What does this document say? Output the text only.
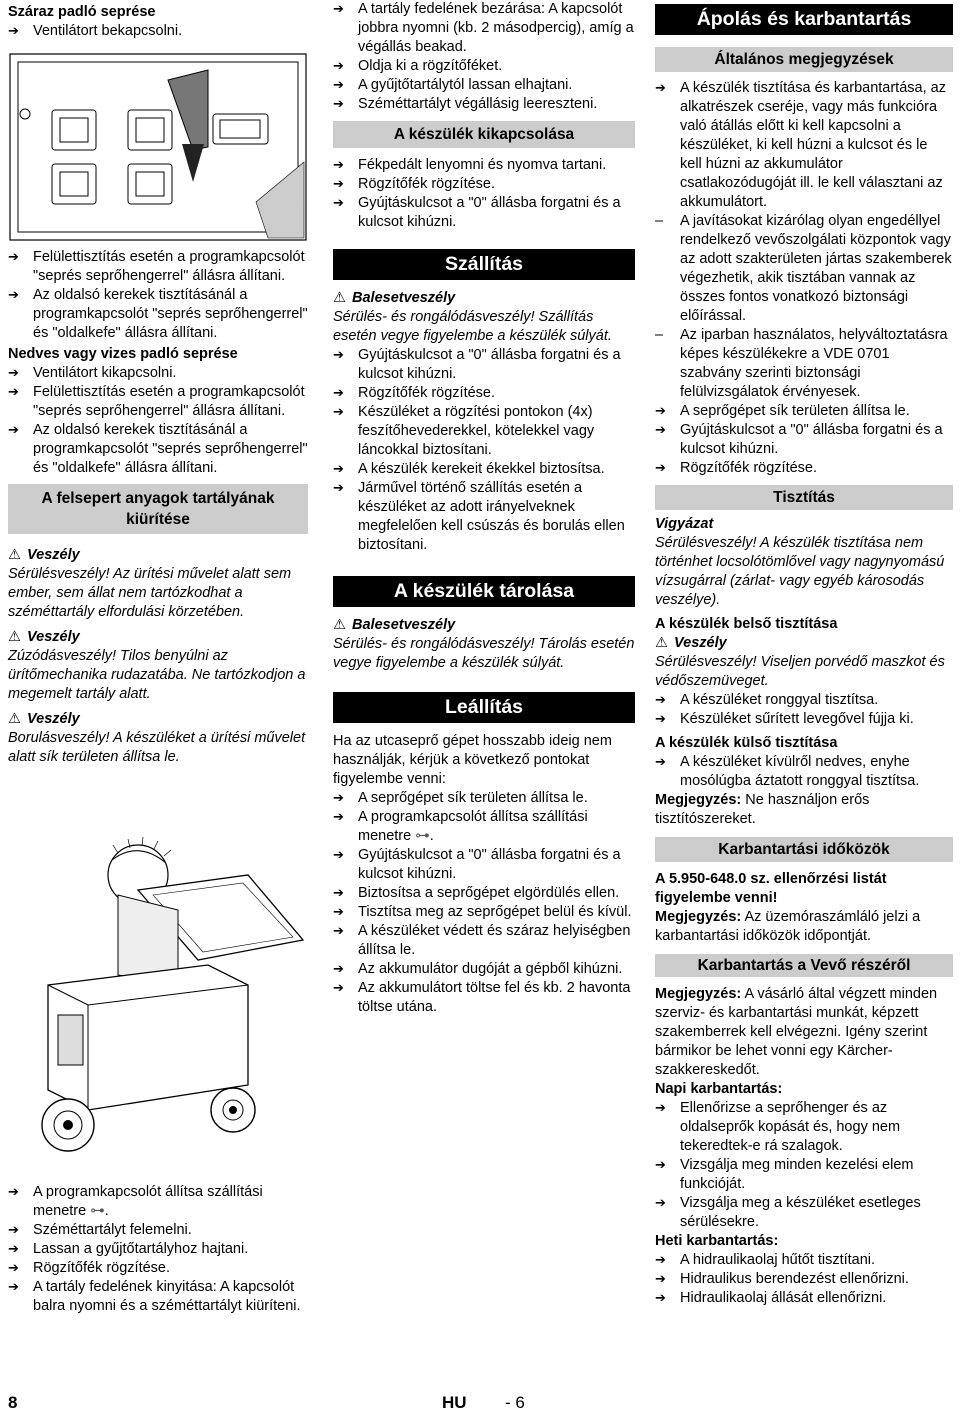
Száraz padló seprése

➔ Ventilátort bekapcsolni.
➔ Felülettisztítás esetén a programkapcsolót "seprés seprőhengerrel" állásra állítani.
➔ Az oldalsó kerekek tisztításánál a programkapcsolót "seprés seprőhengerrel" és "oldalkefe" állásra állítani.

Nedves vagy vizes padló seprése

➔ Ventilátort kikapcsolni.
➔ Felülettisztítás esetén a programkapcsolót "seprés seprőhengerrel" állásra állítani.
➔ Az oldalsó kerekek tisztításánál a programkapcsolót "seprés seprőhengerrel" és "oldalkefe" állásra állítani.
A felsepert anyagok tartályának kiürítése

⚠ Veszély

Sérülésveszély! Az ürítési művelet alatt sem ember, sem állat nem tartózkodhat a széméttartály elfordulási körzetében.

⚠ Veszély

Zúzódásveszély! Tilos benyúlni az ürítőmechanika rudazatába. Ne tartózkodjon a megemelt tartály alatt.

⚠ Veszély

Borulásveszély! A készüléket a ürítési művelet alatt sík területen állítsa le.

➔ A programkapcsolót állítsa szállítási menetre ⊶.
➔ Széméttartályt felemelni.
➔ Lassan a gyűjtőtartályhoz hajtani.
➔ Rögzítőfék rögzítése.
➔ A tartály fedelének kinyitása: A kapcsolót balra nyomni és a széméttartályt kiüríteni.
➔ A tartály fedelének bezárása: A kapcsolót jobbra nyomni (kb. 2 másodpercig), amíg a végállás beakad.
➔ Oldja ki a rögzítőféket.
➔ A gyűjtőtartálytól lassan elhajtani.
➔ Széméttartályt végállásig leereszteni.
A készülék kikapcsolása
➔ Fékpedált lenyomni és nyomva tartani.
➔ Rögzítőfék rögzítése.
➔ Gyújtáskulcsot a "0" állásba forgatni és a kulcsot kihúzni.
Szállítás

⚠ Balesetveszély

Sérülés- és rongálódásveszély! Szállítás esetén vegye figyelembe a készülék súlyát.

➔ Gyújtáskulcsot a "0" állásba forgatni és a kulcsot kihúzni.
➔ Rögzítőfék rögzítése.
➔ Készüléket a rögzítési pontokon (4x) feszítőhevederekkel, kötelekkel vagy láncokkal biztosítani.
➔ A készülék kerekeit ékekkel biztosítsa.
➔ Járművel történő szállítás esetén a készüléket az adott irányelveknek megfelelően kell csúszás és borulás ellen biztosítani.
A készülék tárolása

⚠ Balesetveszély

Sérülés- és rongálódásveszély! Tárolás esetén vegye figyelembe a készülék súlyát.

Leállítás

Ha az utcaseprő gépet hosszabb ideig nem használják, kérjük a következő pontokat figyelembe venni:

➔ A seprőgépet sík területen állítsa le.
➔ A programkapcsolót állítsa szállítási menetre ⊶.
➔ Gyújtáskulcsot a "0" állásba forgatni és a kulcsot kihúzni.
➔ Biztosítsa a seprőgépet elgördülés ellen.
➔ Tisztítsa meg az seprőgépet belül és kívül.
➔ A készüléket védett és száraz helyiségben állítsa le.
➔ Az akkumulátor dugóját a gépből kihúzni.
➔ Az akkumulátort töltse fel és kb. 2 havonta töltse utána.
Ápolás és karbantartás
Általános megjegyzések
➔ A készülék tisztítása és karbantartása, az alkatrészek cseréje, vagy más funkcióra való átállás előtt ki kell kapcsolni a készüléket, ki kell húzni a kulcsot és le kell húzni az akkumulátor csatlakozódugóját ill. le kell választani az akkumulátort.
– A javításokat kizárólag olyan engedéllyel rendelkező vevőszolgálati központok vagy az adott szakterületen jártas szakemberek végezhetik, akik tisztában vannak az összes fontos vonatkozó biztonsági előírással.
– Az iparban használatos, helyváltoztatásra képes készülékekre a VDE 0701 szabvány szerinti biztonsági felülvizsgálatok érvényesek.
➔ A seprőgépet sík területen állítsa le.
➔ Gyújtáskulcsot a "0" állásba forgatni és a kulcsot kihúzni.
➔ Rögzítőfék rögzítése.
Tisztítás

Vigyázat

Sérülésveszély! A készülék tisztítása nem történhet locsolótömlővel vagy nagynyomású vízsugárral (zárlat- vagy egyéb károsodás veszélye).

A készülék belső tisztítása

⚠ Veszély

Sérülésveszély! Viseljen porvédő maszkot és védőszemüveget.

➔ A készüléket ronggyal tisztítsa.
➔ Készüléket sűrített levegővel fújja ki.

A készülék külső tisztítása

➔ A készüléket kívülről nedves, enyhe mosólúgba áztatott ronggyal tisztítsa.

Megjegyzés: Ne használjon erős tisztítószereket.

Karbantartási időközök

A 5.950-648.0 sz. ellenőrzési listát figyelembe venni!

Megjegyzés: Az üzemóraszámláló jelzi a karbantartási időközök időpontját.

Karbantartás a Vevő részéről

Megjegyzés: A vásárló által végzett minden szerviz- és karbantartási munkát, képzett szakemberrek kell elvégezni. Igény szerint bármikor be lehet vonni egy Kärcher-szakkereskedőt.

Napi karbantartás:

➔ Ellenőrizse a seprőhenger és az oldalseprők kopását és, hogy nem tekeredtek-e rá szalagok.
➔ Vizsgálja meg minden kezelési elem funkcióját.
➔ Vizsgálja meg a készüléket esetleges sérülésekre.

Heti karbantartás:

➔ A hidraulikaolaj hűtőt tisztítani.
➔ Hidraulikus berendezést ellenőrizni.
➔ Hidraulikaolaj állását ellenőrizni.
8	HU - 6
